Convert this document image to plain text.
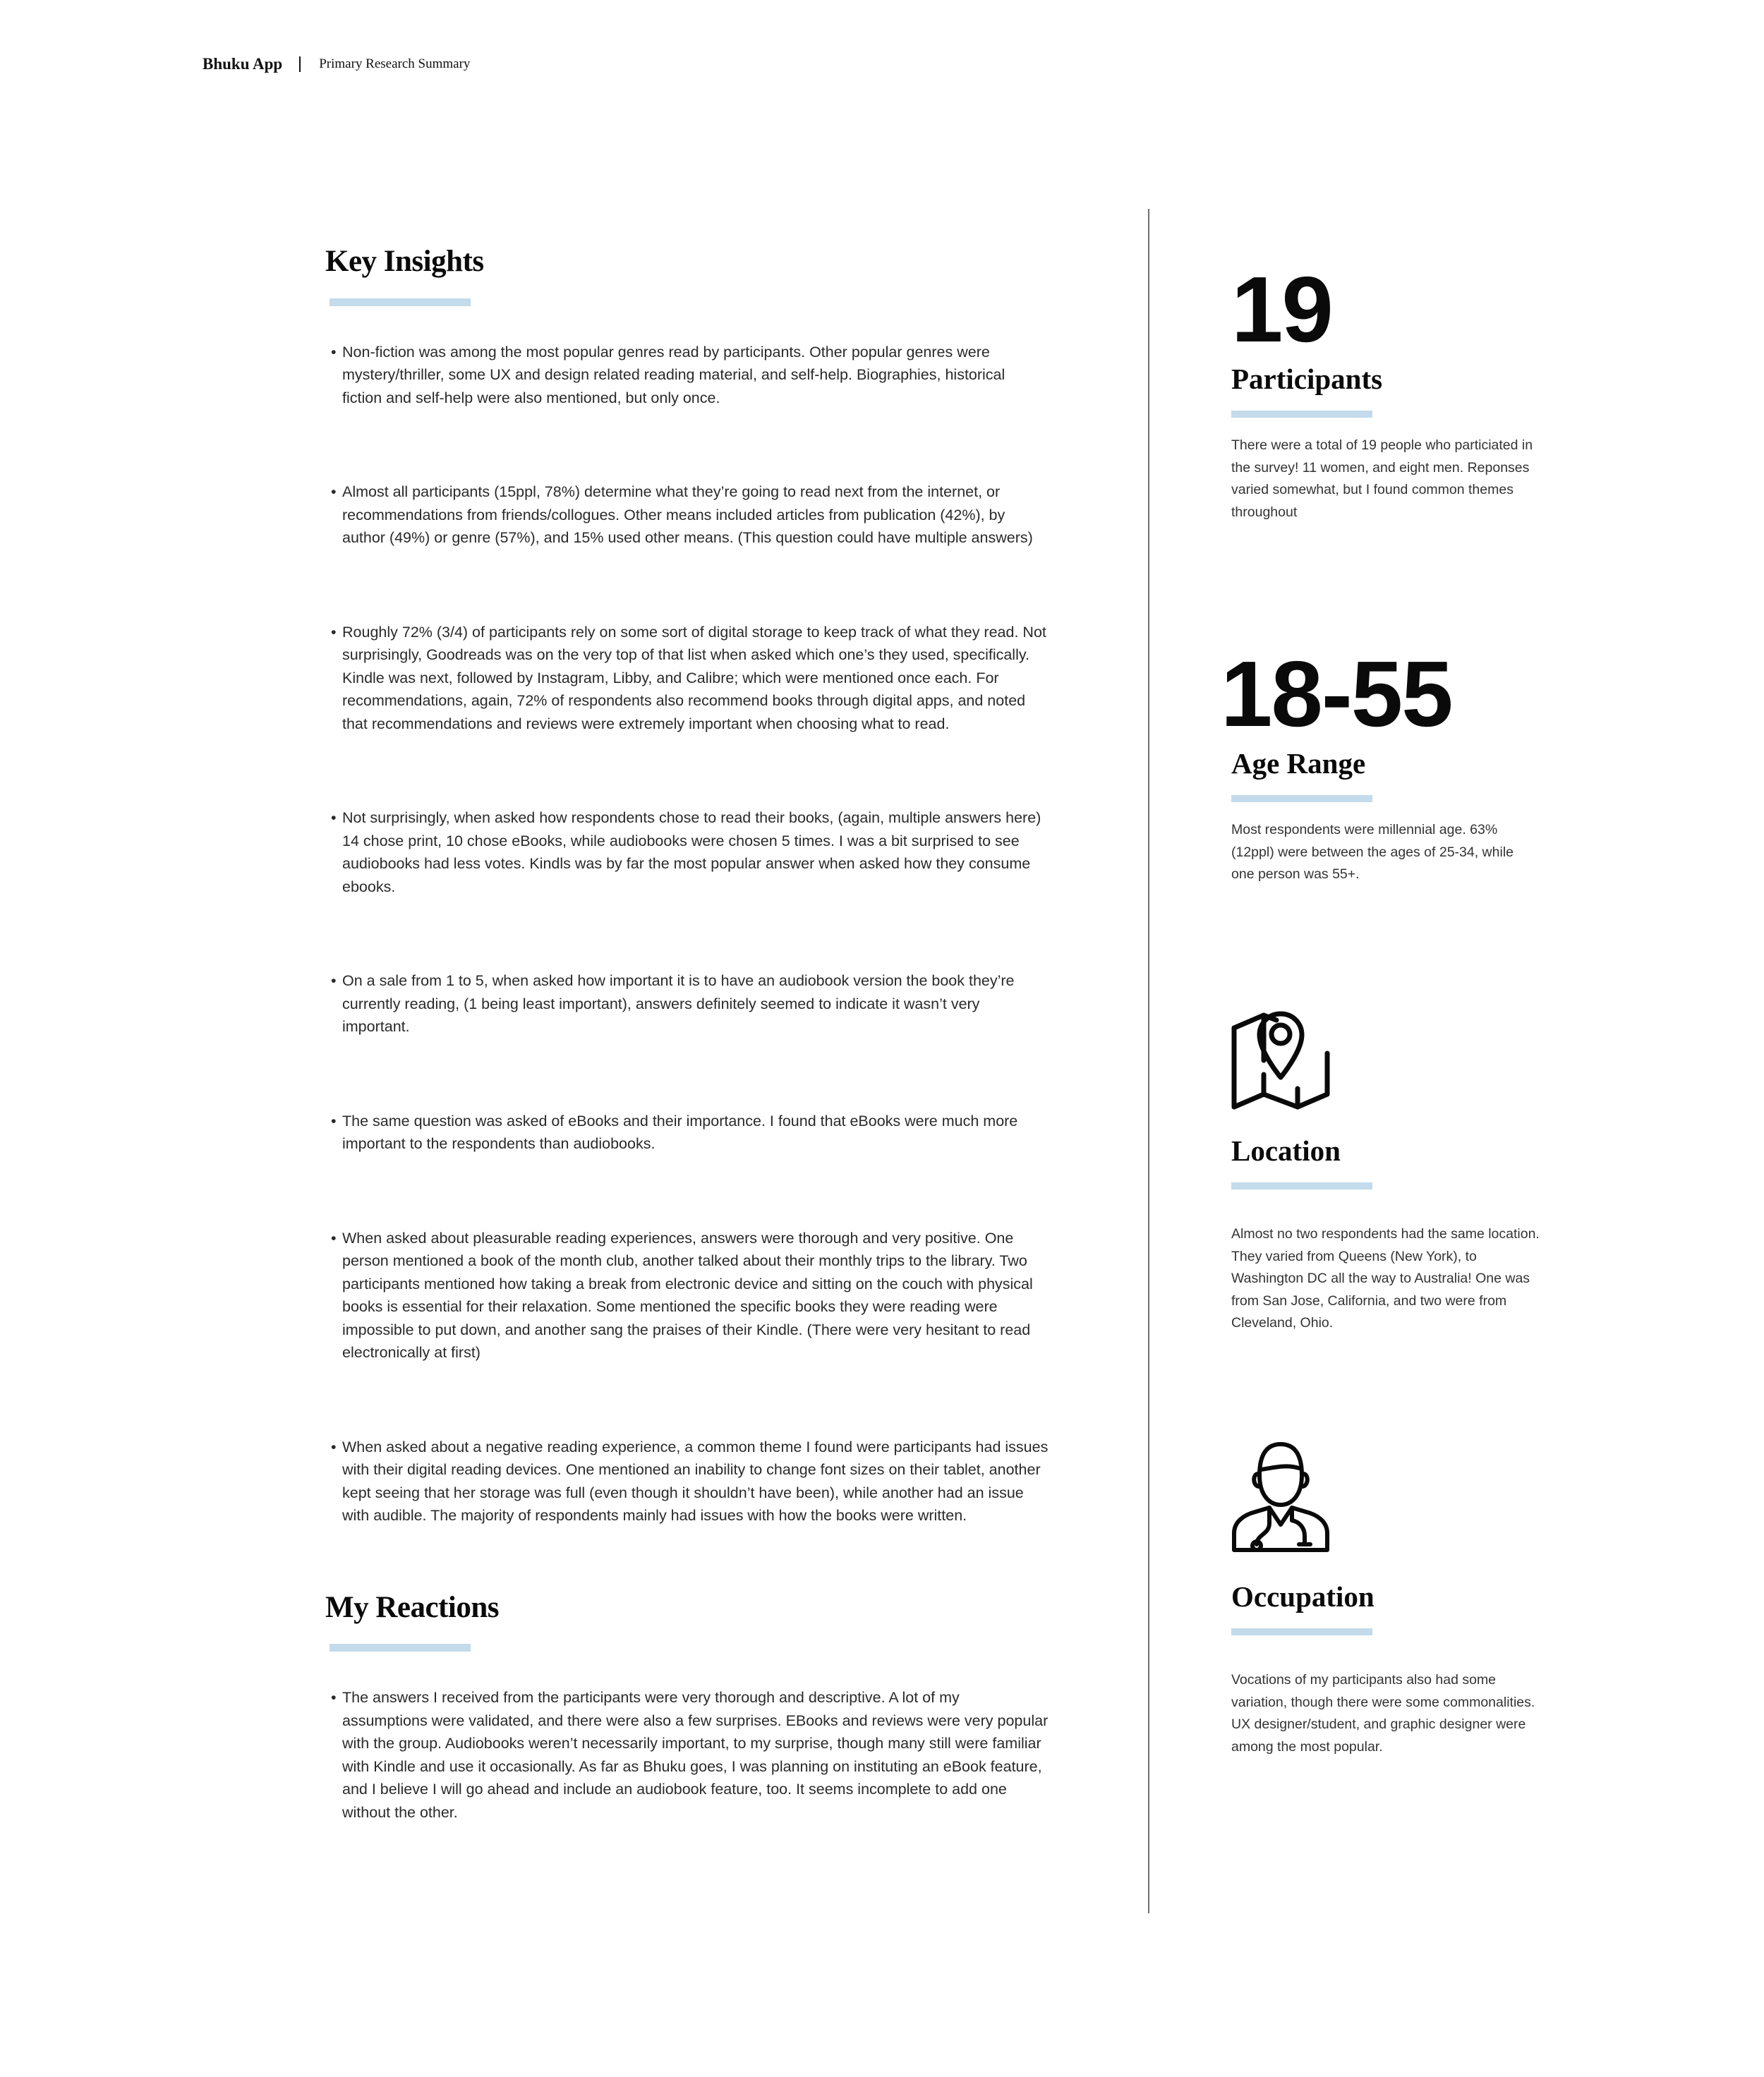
Bhuku App	Primary Research Summary
Key Insights
• Non-fiction was among the most popular genres read by participants. Other popular genres were mystery/thriller, some UX and design related reading material, and self-help. Biographies, historical fiction and self-help were also mentioned, but only once.
• Almost all participants (15ppl, 78%) determine what they’re going to read next from the internet, or recommendations from friends/collogues. Other means included articles from publication (42%), by author (49%) or genre (57%), and 15% used other means. (This question could have multiple answers)
• Roughly 72% (3/4) of participants rely on some sort of digital storage to keep track of what they read. Not surprisingly, Goodreads was on the very top of that list when asked which one’s they used, specifically. Kindle was next, followed by Instagram, Libby, and Calibre; which were mentioned once each. For recommendations, again, 72% of respondents also recommend books through digital apps, and noted that recommendations and reviews were extremely important when choosing what to read.
• Not surprisingly, when asked how respondents chose to read their books, (again, multiple answers here) 14 chose print, 10 chose eBooks, while audiobooks were chosen 5 times. I was a bit surprised to see audiobooks had less votes. Kindls was by far the most popular answer when asked how they consume ebooks.
• On a sale from 1 to 5, when asked how important it is to have an audiobook version the book they’re currently reading, (1 being least important), answers definitely seemed to indicate it wasn’t very important.
• The same question was asked of eBooks and their importance. I found that eBooks were much more important to the respondents than audiobooks.
• When asked about pleasurable reading experiences, answers were thorough and very positive. One person mentioned a book of the month club, another talked about their monthly trips to the library. Two participants mentioned how taking a break from electronic device and sitting on the couch with physical books is essential for their relaxation. Some mentioned the specific books they were reading were impossible to put down, and another sang the praises of their Kindle. (There were very hesitant to read electronically at first)
• When asked about a negative reading experience, a common theme I found were participants had issues with their digital reading devices. One mentioned an inability to change font sizes on their tablet, another kept seeing that her storage was full (even though it shouldn’t have been), while another had an issue with audible. The majority of respondents mainly had issues with how the books were written.
My Reactions
• The answers I received from the participants were very thorough and descriptive. A lot of my assumptions were validated, and there were also a few surprises. EBooks and reviews were very popular with the group. Audiobooks weren’t necessarily important, to my surprise, though many still were familiar with Kindle and use it occasionally. As far as Bhuku goes, I was planning on instituting an eBook feature, and I believe I will go ahead and include an audiobook feature, too. It seems incomplete to add one without the other.
19
Participants

There were a total of 19 people who particiated in the survey! 11 women, and eight men. Reponses varied somewhat, but I found common themes throughout

18-55
Age Range

Most respondents were millennial age. 63% (12ppl) were between the ages of 25-34, while one person was 55+.

Location

Almost no two respondents had the same location. They varied from Queens (New York), to Washington DC all the way to Australia! One was from San Jose, California, and two were from Cleveland, Ohio.

Occupation

Vocations of my participants also had some variation, though there were some commonalities. UX designer/student, and graphic designer were among the most popular.
